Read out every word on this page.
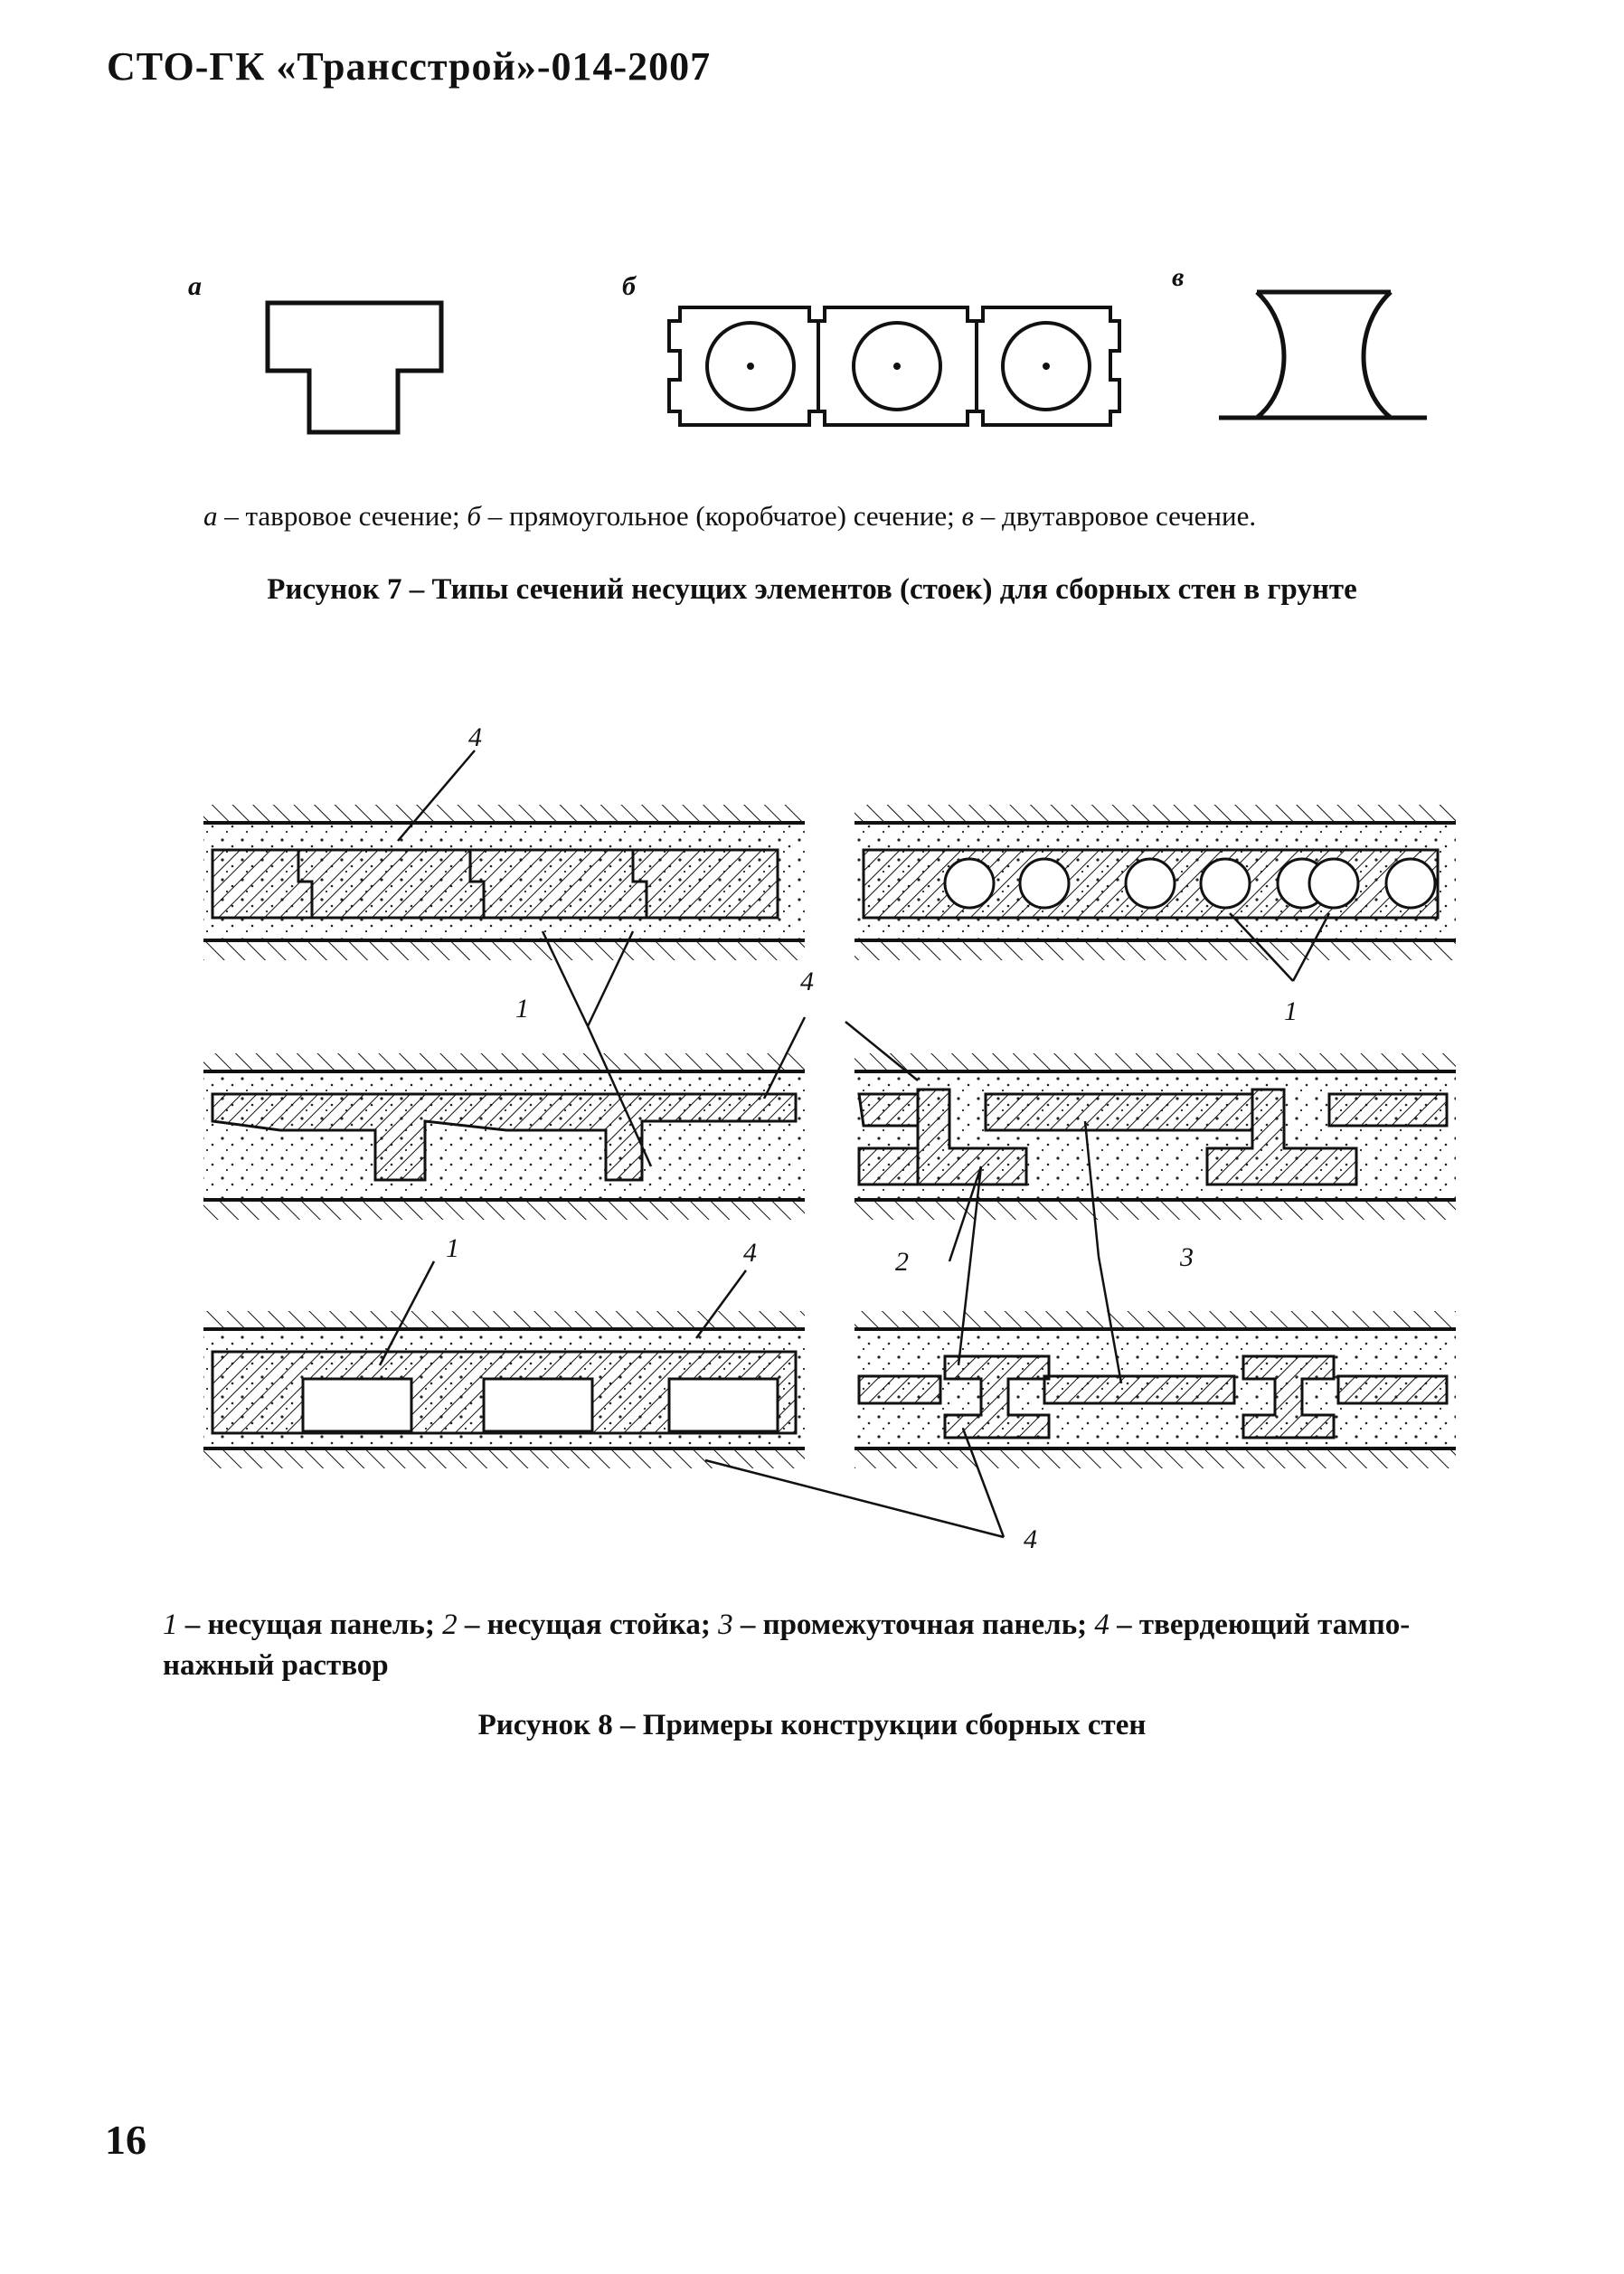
СТО-ГК «Трансстрой»-014-2007
а	б	в
а – тавровое сечение; б – прямоугольное (коробчатое) сечение; в – двутавровое сечение.
Рисунок 7 – Типы сечений несущих элементов (стоек) для сборных стен в грунте
4
1
4
1
4	2	3
1
4
1 – несущая панель; 2 – несущая стойка; 3 – промежуточная панель; 4 – твердеющий тампо-нажный раствор
Рисунок 8 – Примеры конструкции сборных стен
16
